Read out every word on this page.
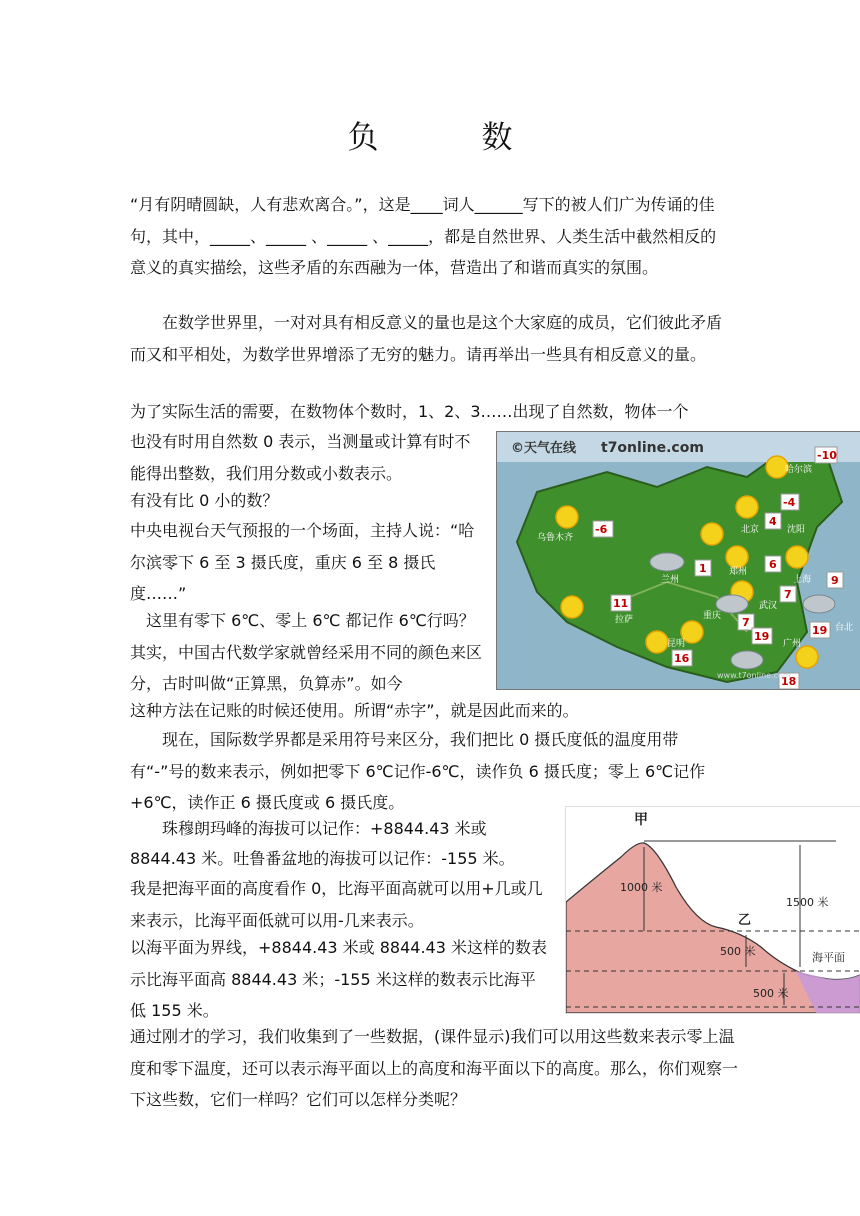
负　数

“月有阴晴圆缺，人有悲欢离合。”，这是____词人______写下的被人们广为传诵的佳句，其中，_____、_____ 、_____ 、_____，都是自然世界、人类生活中截然相反的意义的真实描绘，这些矛盾的东西融为一体，营造出了和谐而真实的氛围。

在数学世界里，一对对具有相反意义的量也是这个大家庭的成员，它们彼此矛盾而又和平相处，为数学世界增添了无穷的魅力。请再举出一些具有相反意义的量。

为了实际生活的需要，在数物体个数时，1、2、3……出现了自然数，物体一个

也没有时用自然数 0 表示，当测量或计算有时不能得出整数，我们用分数或小数表示。

有没有比 0 小的数？

中央电视台天气预报的一个场面，主持人说：“哈尔滨零下 6 至 3 摄氏度，重庆 6 至 8 摄氏度……”

这里有零下 6℃、零上 6℃ 都记作 6℃行吗？其实，中国古代数学家就曾经采用不同的颜色来区分，古时叫做“正算黑，负算赤”。如今

这种方法在记账的时候还使用。所谓“赤字”，就是因此而来的。

现在，国际数学界都是采用符号来区分，我们把比 0 摄氏度低的温度用带有“-”号的数来表示，例如把零下 6℃记作-6℃，读作负 6 摄氏度；零上 6℃记作+6℃，读作正 6 摄氏度或 6 摄氏度。

珠穆朗玛峰的海拔可以记作：+8844.43 米或

8844.43 米。吐鲁番盆地的海拔可以记作：-155 米。

我是把海平面的高度看作 0，比海平面高就可以用+几或几来表示，比海平面低就可以用-几来表示。

以海平面为界线，+8844.43 米或 8844.43 米这样的数表示比海平面高 8844.43 米；-155 米这样的数表示比海平低 155 米。

通过刚才的学习，我们收集到了一些数据，(课件显示)我们可以用这些数来表示零上温度和零下温度，还可以表示海平面以上的高度和海平面以下的高度。那么，你们观察一下这些数，它们一样吗？它们可以怎样分类呢？

©天气在线 t7online.com	-10
-4
4
-6
6
1
9
7
11
7
19	19
16
18
哈尔滨
沈阳
北京
乌鲁木齐
兰州
郑州
上海
武汉
拉萨	重庆
广州
台北
昆明
www.t7online.com
甲
乙
1000 米
1500 米
500 米
500 米
海平面
